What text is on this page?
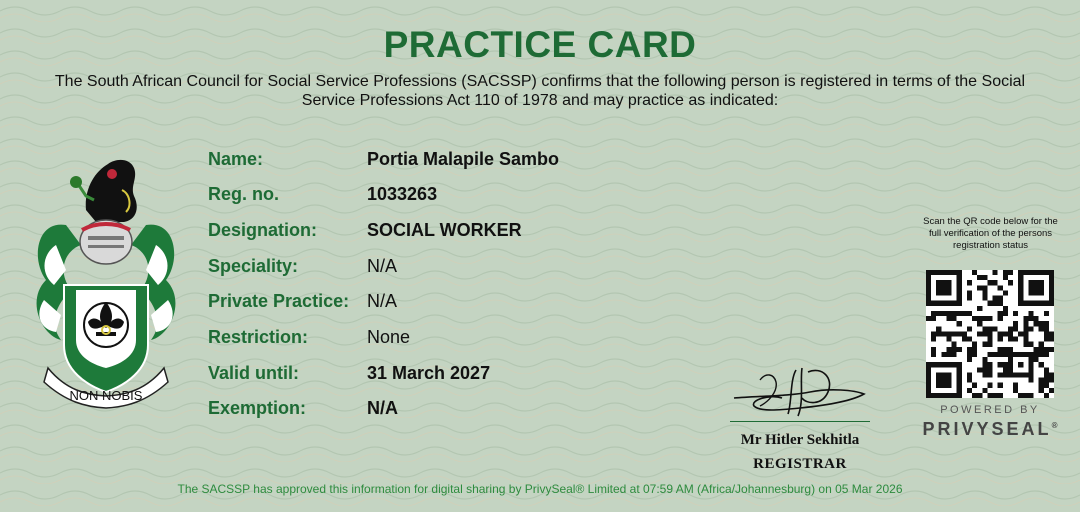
PRACTICE CARD
The South African Council for Social Service Professions (SACSSP) confirms that the following person is registered in terms of the Social Service Professions Act 110 of 1978 and may practice as indicated:
NON NOBIS
Name:	Portia Malapile Sambo
Reg. no.	1033263
Designation:	SOCIAL WORKER
Speciality:	N/A
Private Practice: N/A
Restriction:	None
Valid until:	31 March 2027
Exemption:	N/A
Mr Hitler Sekhitla
REGISTRAR
Scan the QR code below for the full verification of the persons registration status
POWERED BY
PRIVYSEAL®
The SACSSP has approved this information for digital sharing by PrivySeal® Limited at 07:59 AM (Africa/Johannesburg) on 05 Mar 2026
